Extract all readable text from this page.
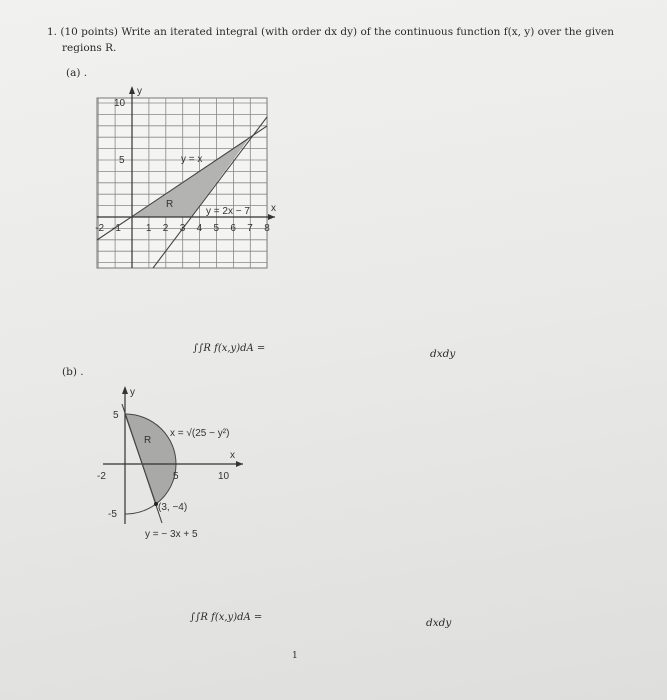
1. (10 points) Write an iterated integral (with order dx dy) of the continuous function f(x, y) over the given
regions R.
(a) .
y
x
10
5
-2 -1 1 2 3 4 5 6 7 8
R
y = x
y = 2x − 7
y
x
5
-5
-2	5	10
R
x = √(25 − y²)
(3, −4)
y = − 3x + 5
∫∫R f(x,y)dA =	dxdy
(b) .
∫∫R f(x,y)dA =	dxdy
1
